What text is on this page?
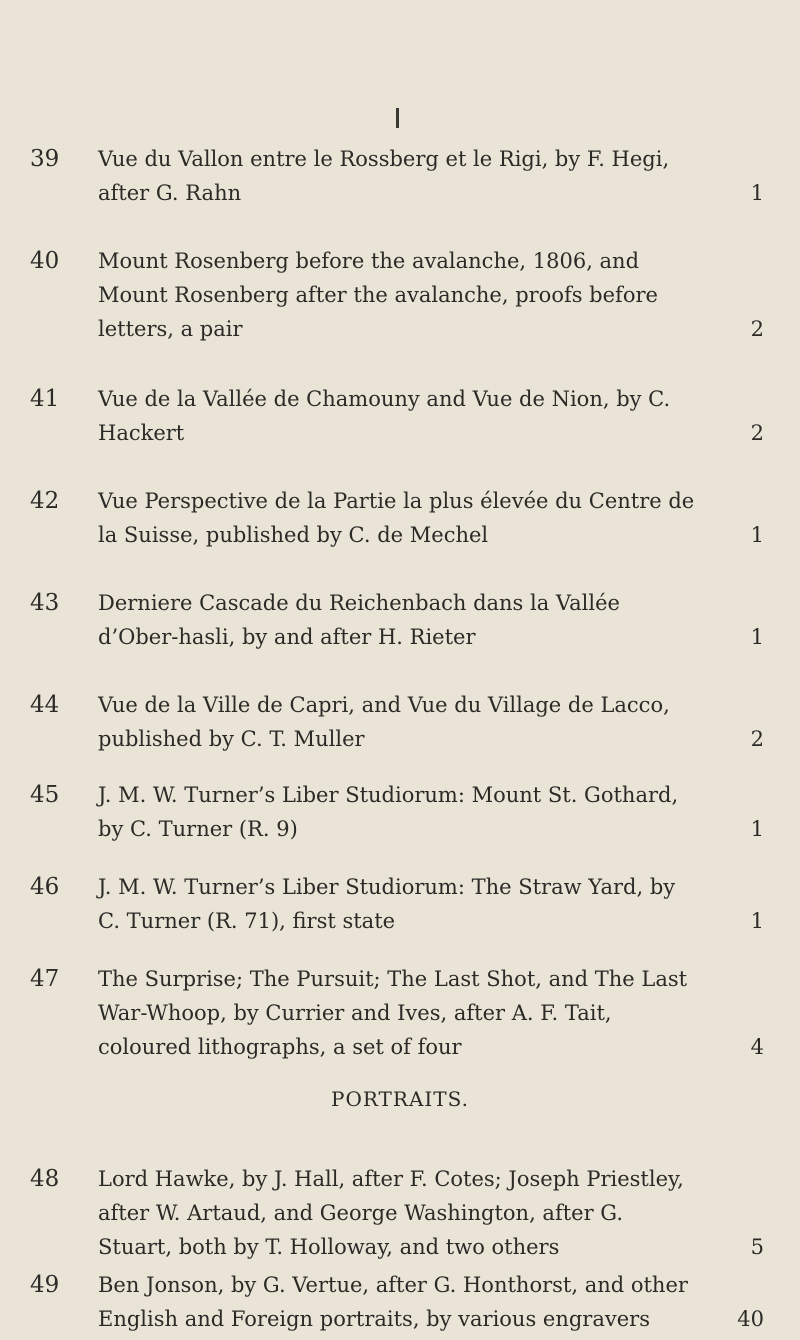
39	Vue du Vallon entre le Rossberg et le Rigi, by F. Hegi, after G. Rahn	1
40	Mount Rosenberg before the avalanche, 1806, and Mount Rosenberg after the avalanche, proofs before letters, a pair	2
41	Vue de la Vallée de Chamouny and Vue de Nion, by C. Hackert	2
42	Vue Perspective de la Partie la plus élevée du Centre de la Suisse, published by C. de Mechel	1
43	Derniere Cascade du Reichenbach dans la Vallée d’Ober-hasli, by and after H. Rieter	1
44	Vue de la Ville de Capri, and Vue du Village de Lacco, published by C. T. Muller	2
45	J. M. W. Turner’s Liber Studiorum: Mount St. Gothard, by C. Turner (R. 9)	1
46	J. M. W. Turner’s Liber Studiorum: The Straw Yard, by C. Turner (R. 71), first state	1
47	The Surprise; The Pursuit; The Last Shot, and The Last War-Whoop, by Currier and Ives, after A. F. Tait, coloured lithographs, a set of four	4
PORTRAITS.
48	Lord Hawke, by J. Hall, after F. Cotes; Joseph Priestley, after W. Artaud, and George Washington, after G. Stuart, both by T. Holloway, and two others	5
49	Ben Jonson, by G. Vertue, after G. Honthorst, and other English and Foreign portraits, by various engravers	40
